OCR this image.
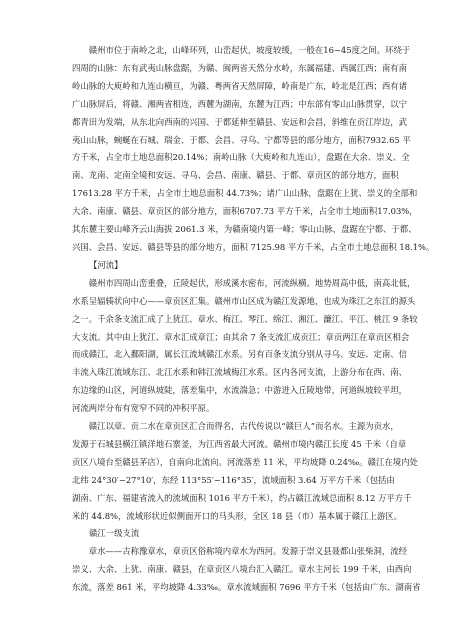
　　赣州市位于南岭之北，山峰环列，山峦起伏，坡度较缓，一般在16~45度之间。环绕于
四周的山脉：东有武夷山脉盘踞，为赣、闽两省天然分水岭，东属福建、西属江西；南有南
岭山脉的大庾岭和九连山横亘，为赣、粤两省天然屏障，岭南是广东，岭北是江西；西有诸
广山脉屏后，将赣、湘两省相连，西麓为湖南，东麓为江西；中东部有零山山脉贯穿，以宁
都青田为发端，从东北向西南的兴国、于都延伸至赣县、安远和会昌，斜维在贡江岸边，武
夷山山脉，蜿蜒在石城、瑞金、于都、会昌、寻乌、宁都等县的部分地方，面积7932.65 平
方千米，占全市土地总面积20.14%；南岭山脉（大庾岭和九连山），盘踞在大余、崇义、全
南、龙南、定南全境和安远、寻乌、会昌、南康、赣县、于都、章贡区的部分地方，面积
17613.28 平方千米，占全市土地总面积 44.73%；诸广山山脉，盘踞在上犹、崇义的全部和
大余、南康、赣县、章贡区的部分地方，面积6707.73 平方千米，占全市土地面积17.03%，
其东麓主要山峰齐云山海拔 2061.3 米，为赣南境内第一峰；零山山脉，盘踞在宁都、于都、
兴国、会昌、安远、赣县等县的部分地方，面积 7125.98 平方千米，占全市土地总面积 18.1%。

【河流】

　　赣州市四周山峦重叠，丘陵起伏，形成溪水密布，河流纵横。地势周高中低，南高北低，
水系呈辐辏状向中心——章贡区汇集。赣州市山区成为赣江发源地，也成为珠江之东江的源头
之一。千余条支流汇成了上犹江、章水、梅江、琴江、绵江、湘江、濂江、平江、桃江 9 条较
大支流。其中由上犹江、章水汇成章江；由其余 7 条支流汇成贡江；章贡两江在章贡区相会
而成赣江，北入鄱阳湖，属长江流域赣江水系。另有百条支流分别从寻乌、安远、定南、信
丰流入珠江流域东江、北江水系和韩江流域梅江水系。区内各河支流，上游分布在西、南、
东边缘的山区，河道纵坡陡，落差集中，水流湍急；中游进入丘陵地带，河道纵坡较平坦，
河流两岸分布有宽窄不同的冲积平原。

　　赣江以章、贡二水在章贡区汇合而得名，古代传说以“赣巨人”而名水。主源为贡水，
发源于石城县横江镇洋地石寨釜，为江西省最大河流。赣州市境内赣江长度 45 千米（自章
贡区八境台至赣县茅店），自南向北流向。河流落差 11 米，平均坡降 0.24‰。赣江在境内处
北纬 24°30′~27°10′，东经 113°55′~116°35′，流域面积 3.64 万平方千米（包括由
湖南、广东、福建省流入的流域面积 1016 平方千米），约占赣江流域总面积 8.12 万平方千
米的 44.8%，流域形状近似侧面开口的马头形，全区 18 县（市）基本属于赣江上游区。

赣江一级支流

　　章水——古称豫章水，章贡区俗称境内章水为西河。发源于崇义县聂都山张柴洞，流经
崇义、大余、上犹、南康、赣县，在章贡区八境台汇入赣江。章水主河长 199 千米，由西向
东流，落差 861 米，平均坡降 4.33‰。章水流域面积 7696 平方千米（包括由广东、湖南省
